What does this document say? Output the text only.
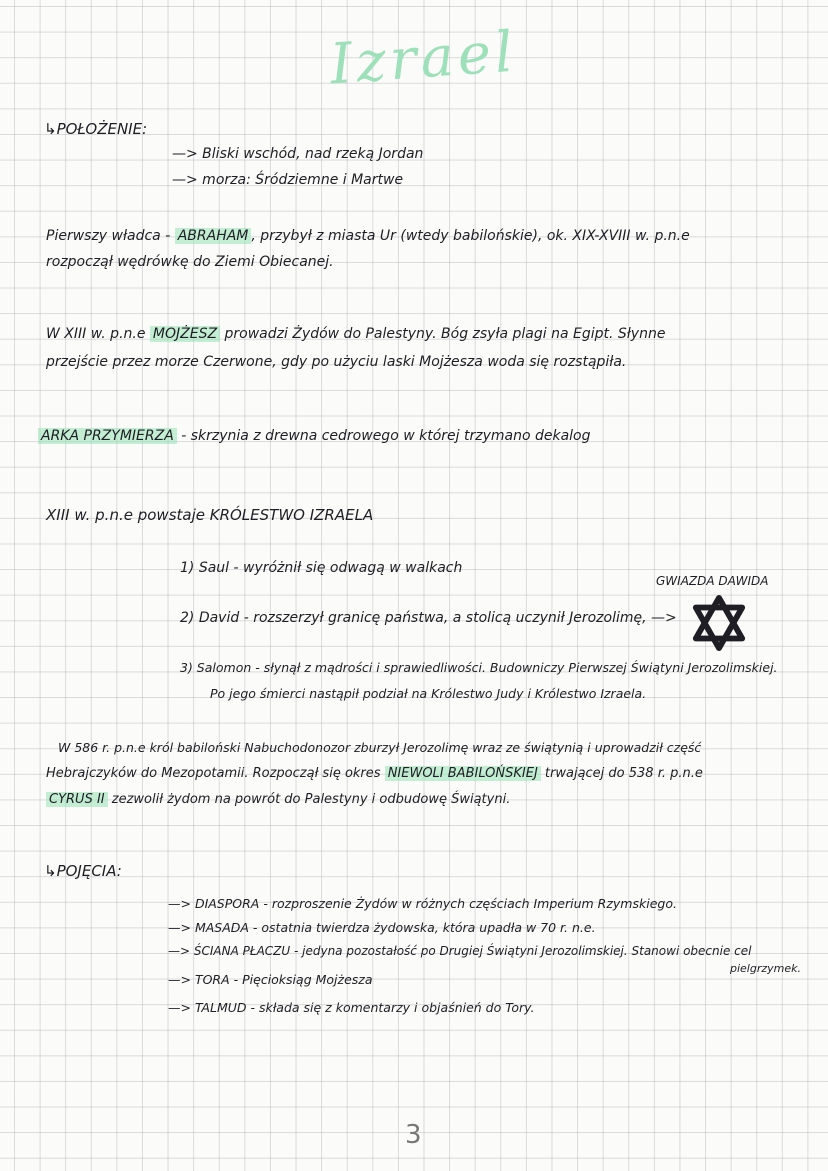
Izrael
↳POŁOŻENIE:
—> Bliski wschód, nad rzeką Jordan
—> morza: Śródziemne i Martwe
Pierwszy władca - ABRAHAM , przybył z miasta Ur (wtedy babilońskie), ok. XIX-XVIII w. p.n.e
rozpoczął wędrówkę do Ziemi Obiecanej.
W XIII w. p.n.e MOJŻESZ prowadzi Żydów do Palestyny. Bóg zsyła plagi na Egipt. Słynne
przejście przez morze Czerwone, gdy po użyciu laski Mojżesza woda się rozstąpiła.
ARKA PRZYMIERZA - skrzynia z drewna cedrowego w której trzymano dekalog
XIII w. p.n.e powstaje KRÓLESTWO IZRAELA
1) Saul - wyróżnił się odwagą w walkach
2) David - rozszerzył granicę państwa, a stolicą uczynił Jerozolimę, —>
3) Salomon - słynął z mądrości i sprawiedliwości. Budowniczy Pierwszej Świątyni Jerozolimskiej.
Po jego śmierci nastąpił podział na Królestwo Judy i Królestwo Izraela.
GWIAZDA DAWIDA
W 586 r. p.n.e król babiloński Nabuchodonozor zburzył Jerozolimę wraz ze świątynią i uprowadził część
Hebrajczyków do Mezopotamii. Rozpoczął się okres NIEWOLI BABILOŃSKIEJ trwającej do 538 r. p.n.e
CYRUS II zezwolił żydom na powrót do Palestyny i odbudowę Świątyni.
↳POJĘCIA:
—> DIASPORA - rozproszenie Żydów w różnych częściach Imperium Rzymskiego.
—> MASADA - ostatnia twierdza żydowska, która upadła w 70 r. n.e.
—> ŚCIANA PŁACZU - jedyna pozostałość po Drugiej Świątyni Jerozolimskiej. Stanowi obecnie cel
pielgrzymek.
—> TORA - Pięcioksiąg Mojżesza
—> TALMUD - składa się z komentarzy i objaśnień do Tory.
3
